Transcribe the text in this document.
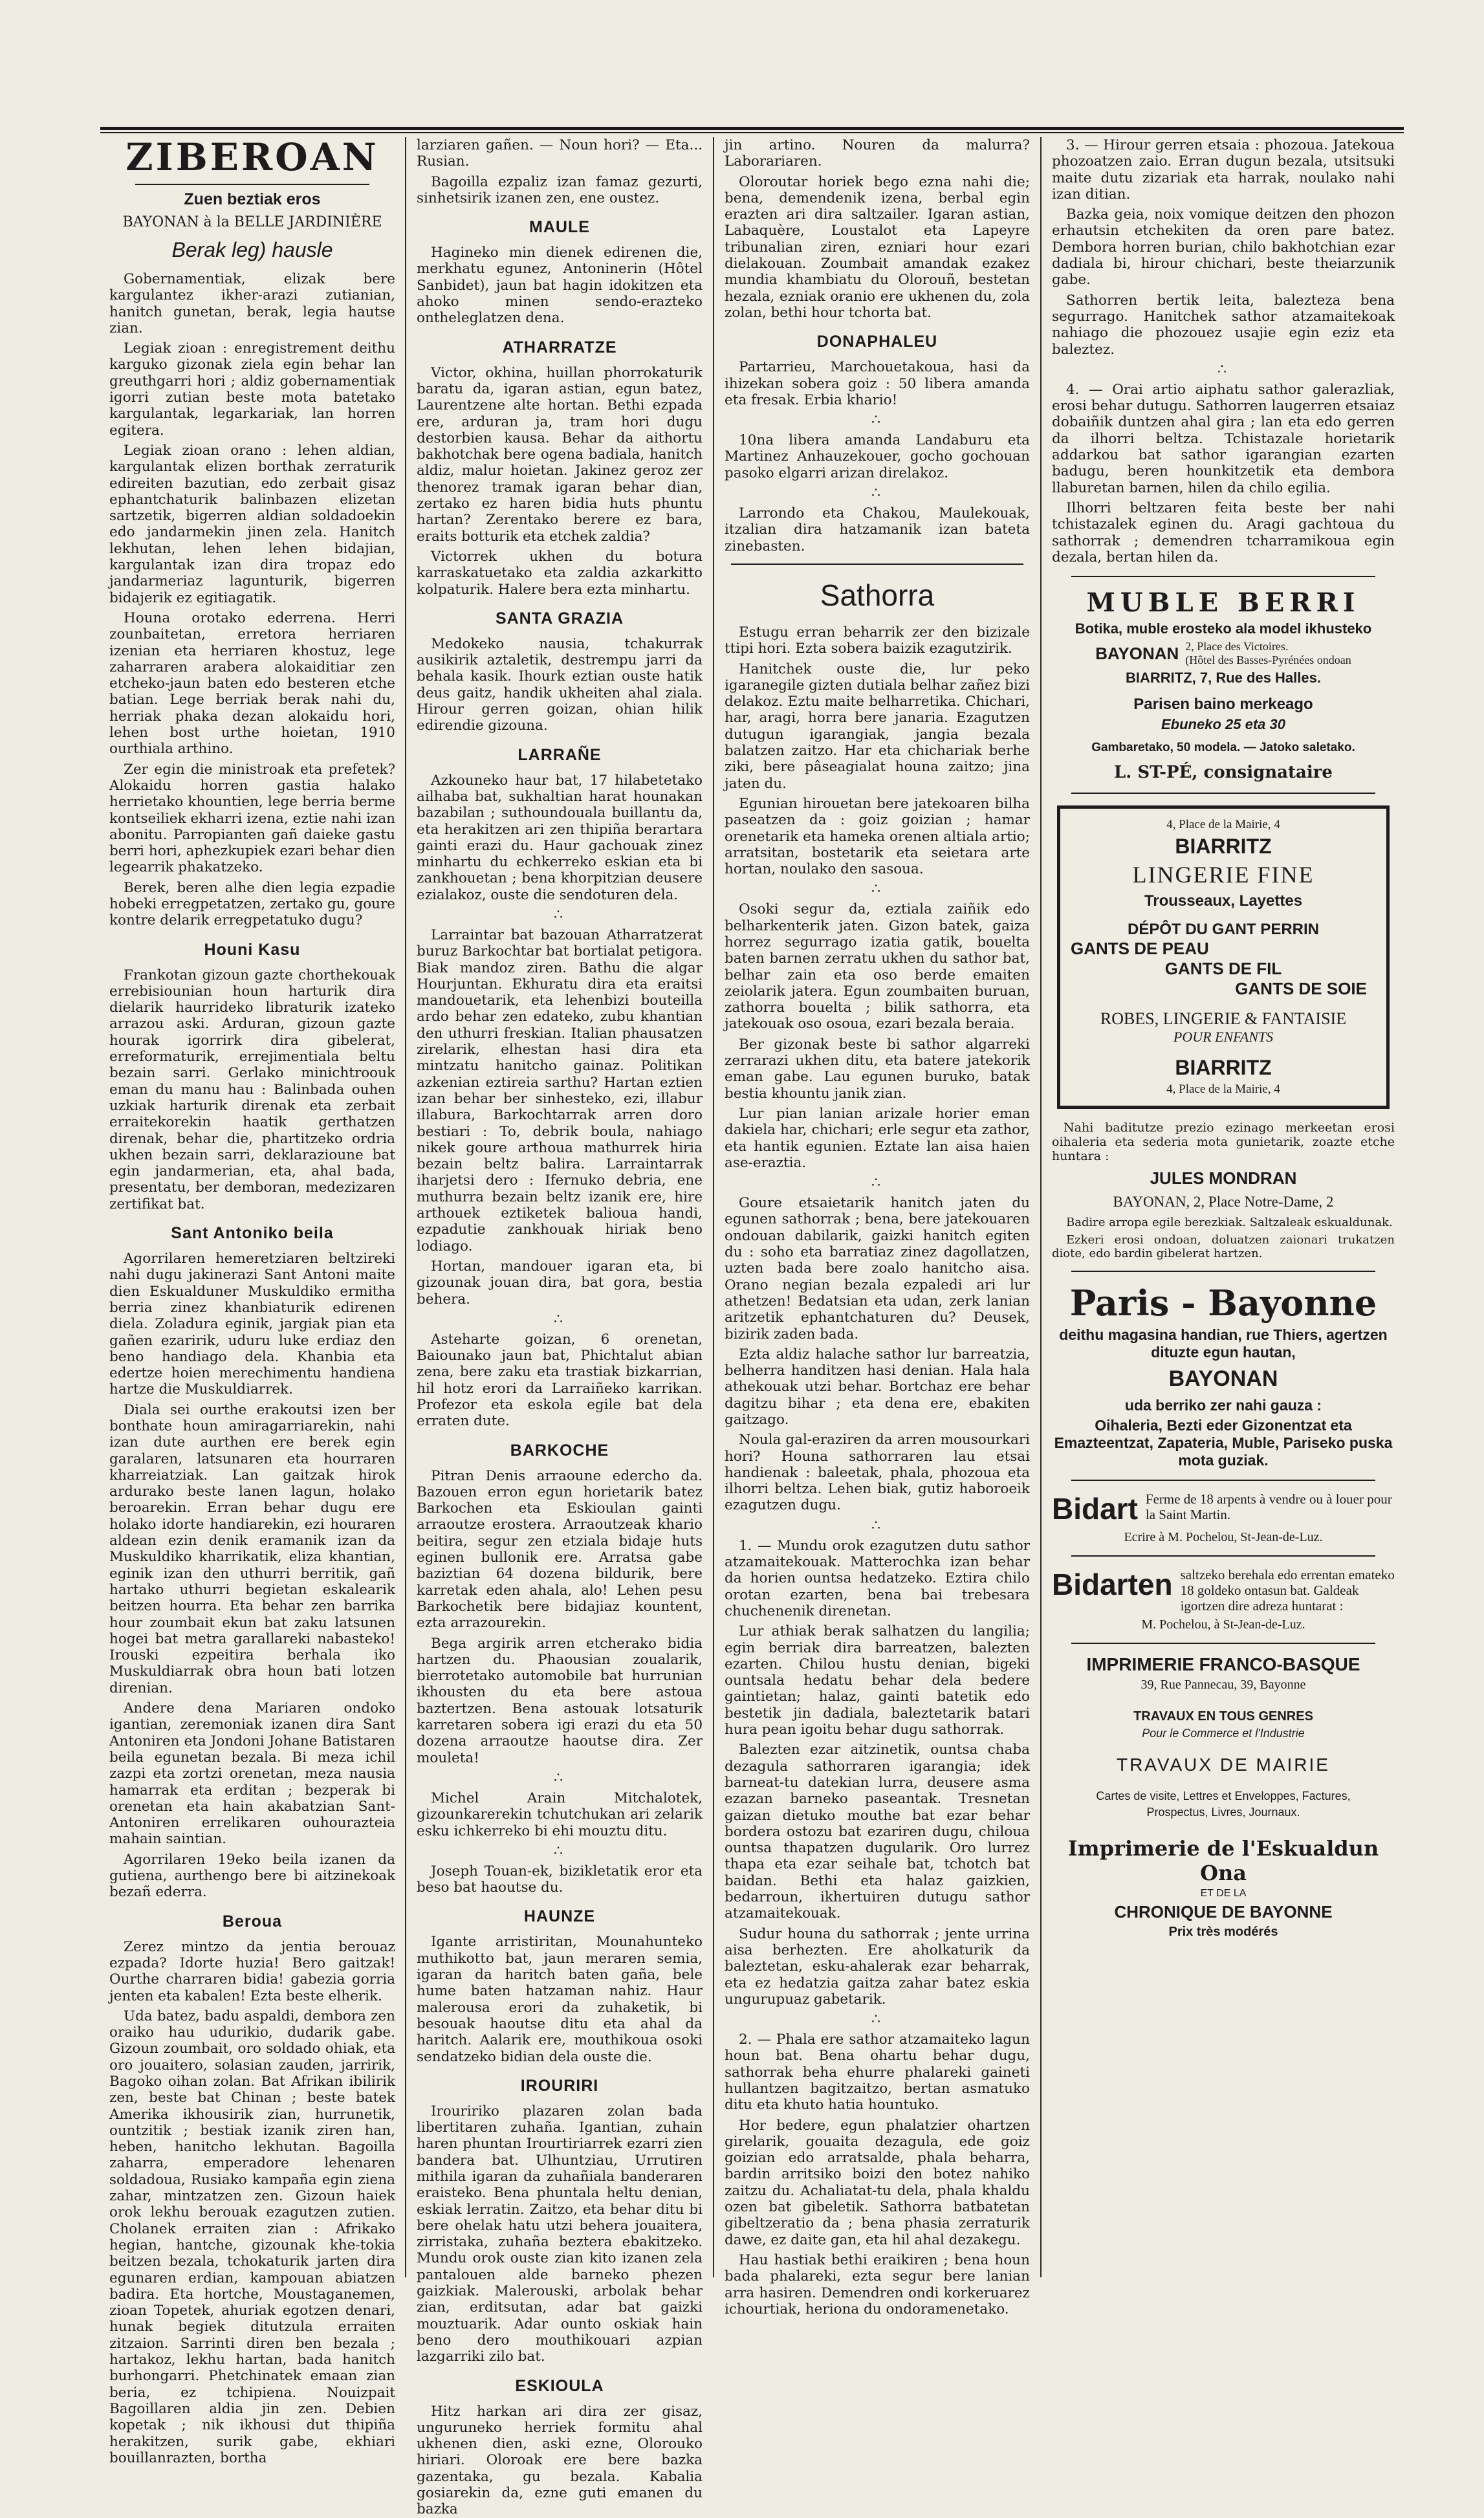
ZIBEROAN
Zuen beztiak eros
BAYONAN à la BELLE JARDINIÈRE
Berak leg) hausle

Gobernamentiak, elizak bere kargulantez ikher-arazi zutianian, hanitch gunetan, berak, legia hautse zian.

Legiak zioan : enregistrement deithu karguko gizonak ziela egin behar lan greuthgarri hori ; aldiz gobernamentiak igorri zutian beste mota batetako kargulantak, legarkariak, lan horren egitera.

Legiak zioan orano : lehen aldian, kargulantak elizen borthak zerraturik edireiten bazutian, edo zerbait gisaz ephantchaturik balinbazen elizetan sartzetik, bigerren aldian soldadoekin edo jandarmekin jinen zela. Hanitch lekhutan, lehen lehen bidajian, kargulantak izan dira tropaz edo jandarmeriaz lagunturik, bigerren bidajerik ez egitiagatik.

Houna orotako ederrena. Herri zounbaitetan, erretora herriaren izenian eta herriaren khostuz, lege zaharraren arabera alokaiditiar zen etcheko-jaun baten edo besteren etche batian. Lege berriak berak nahi du, herriak phaka dezan alokaidu hori, lehen bost urthe hoietan, 1910 ourthiala arthino.

Zer egin die ministroak eta prefetek? Alokaidu horren gastia halako herrietako khountien, lege berria berme kontseiliek ekharri izena, eztie nahi izan abonitu. Parropianten gañ daieke gastu berri hori, aphezkupiek ezari behar dien legearrik phakatzeko.

Berek, beren alhe dien legia ezpadie hobeki erregpetatzen, zertako gu, goure kontre delarik erregpetatuko dugu?

Houni Kasu

Frankotan gizoun gazte chorthekouak errebisiounian houn harturik dira dielarik haurrideko libraturik izateko arrazou aski. Arduran, gizoun gazte hourak igorrirk dira gibelerat, erreformaturik, errejimentiala beltu bezain sarri. Gerlako minichtroouk eman du manu hau : Balinbada ouhen uzkiak harturik direnak eta zerbait erraitekorekin haatik gerthatzen direnak, behar die, phartitzeko ordria ukhen bezain sarri, deklarazioune bat egin jandarmerian, eta, ahal bada, presentatu, ber demboran, medezizaren zertifikat bat.

Sant Antoniko beila

Agorrilaren hemeretziaren beltzireki nahi dugu jakinerazi Sant Antoni maite dien Eskualduner Muskuldiko ermitha berria zinez khanbiaturik edirenen diela. Zoladura eginik, jargiak pian eta gañen ezaririk, uduru luke erdiaz den beno handiago dela. Khanbia eta edertze hoien merechimentu handiena hartze die Muskuldiarrek.

Diala sei ourthe erakoutsi izen ber bonthate houn amiragarriarekin, nahi izan dute aurthen ere berek egin garalaren, latsunaren eta hourraren kharreiatziak. Lan gaitzak hirok ardurako beste lanen lagun, holako beroarekin. Erran behar dugu ere holako idorte handiarekin, ezi houraren aldean ezin denik eramanik izan da Muskuldiko kharrikatik, eliza khantian, eginik izan den uthurri berritik, gañ hartako uthurri begietan eskalearik beitzen hourra. Eta behar zen barrika hour zoumbait ekun bat zaku latsunen hogei bat metra garallareki nabasteko! Irouski ezpeitira berhala iko Muskuldiarrak obra houn bati lotzen direnian.

Andere dena Mariaren ondoko igantian, zeremoniak izanen dira Sant Antoniren eta Jondoni Johane Batistaren beila egunetan bezala. Bi meza ichil zazpi eta zortzi orenetan, meza nausia hamarrak eta erditan ; bezperak bi orenetan eta hain akabatzian Sant-Antoniren errelikaren ouhourazteia mahain saintian.

Agorrilaren 19eko beila izanen da gutiena, aurthengo bere bi aitzinekoak bezañ ederra.

Beroua

Zerez mintzo da jentia berouaz ezpada? Idorte huzia! Bero gaitzak! Ourthe charraren bidia! gabezia gorria jenten eta kabalen! Ezta beste elherik.

Uda batez, badu aspaldi, dembora zen oraiko hau udurikio, dudarik gabe. Gizoun zoumbait, oro soldado ohiak, eta oro jouaitero, solasian zauden, jarririk, Bagoko oihan zolan. Bat Afrikan ibilirik zen, beste bat Chinan ; beste batek Amerika ikhousirik zian, hurrunetik, ountzitik ; bestiak izanik ziren han, heben, hanitcho lekhutan. Bagoilla zaharra, emperadore lehenaren soldadoua, Rusiako kampaña egin ziena zahar, mintzatzen zen. Gizoun haiek orok lekhu berouak ezagutzen zutien. Cholanek erraiten zian : Afrikako hegian, hantche, gizounak khe-tokia beitzen bezala, tchokaturik jarten dira egunaren erdian, kampouan abiatzen badira. Eta hortche, Moustaganemen, zioan Topetek, ahuriak egotzen denari, hunak begiek ditutzula erraiten zitzaion. Sarrinti diren ben bezala ; hartakoz, lekhu hartan, bada hanitch burhongarri. Phetchinatek emaan zian beria, ez tchipiena. Nouizpait Bagoillaren aldia jin zen. Debien kopetak ; nik ikhousi dut thipiña herakitzen, surik gabe, ekhiari bouillanrazten, bortha

larziaren gañen. — Noun hori? — Eta... Rusian.

Bagoilla ezpaliz izan famaz gezurti, sinhetsirik izanen zen, ene oustez.

MAULE

Hagineko min dienek edirenen die, merkhatu egunez, Antoninerin (Hôtel Sanbidet), jaun bat hagin idokitzen eta ahoko minen sendo-erazteko ontheleglatzen dena.

ATHARRATZE

Victor, okhina, huillan phorrokaturik baratu da, igaran astian, egun batez, Laurentzene alte hortan. Bethi ezpada ere, arduran ja, tram hori dugu destorbien kausa. Behar da aithortu bakhotchak bere ogena badiala, hanitch aldiz, malur hoietan. Jakinez geroz zer thenorez tramak igaran behar dian, zertako ez haren bidia huts phuntu hartan? Zerentako berere ez bara, eraits botturik eta etchek zaldia?

Victorrek ukhen du botura karraskatuetako eta zaldia azkarkitto kolpaturik. Halere bera ezta minhartu.

SANTA GRAZIA

Medokeko nausia, tchakurrak ausikirik aztaletik, destrempu jarri da behala kasik. Ihourk eztian ouste hatik deus gaitz, handik ukheiten ahal ziala. Hirour gerren goizan, ohian hilik edirendie gizouna.

LARRAÑE

Azkouneko haur bat, 17 hilabetetako ailhaba bat, sukhaltian harat hounakan bazabilan ; suthoundouala buillantu da, eta herakitzen ari zen thipiña berartara gainti erazi du. Haur gachouak zinez minhartu du echkerreko eskian eta bi zankhouetan ; bena khorpitzian deusere ezialakoz, ouste die sendoturen dela.

∴

Larraintar bat bazouan Atharratzerat buruz Barkochtar bat bortialat petigora. Biak mandoz ziren. Bathu die algar Hourjuntan. Ekhuratu dira eta eraitsi mandouetarik, eta lehenbizi bouteilla ardo behar zen edateko, zubu khantian den uthurri freskian. Italian phausatzen zirelarik, elhestan hasi dira eta mintzatu hanitcho gainaz. Politikan azkenian eztireia sarthu? Hartan eztien izan behar ber sinhesteko, ezi, illabur illabura, Barkochtarrak arren doro bestiari : To, debrik boula, nahiago nikek goure arthoua mathurrek hiria bezain beltz balira. Larraintarrak iharjetsi dero : Ifernuko debria, ene muthurra bezain beltz izanik ere, hire arthouek eztiketek balioua handi, ezpadutie zankhouak hiriak beno lodiago.

Hortan, mandouer igaran eta, bi gizounak jouan dira, bat gora, bestia behera.

∴

Asteharte goizan, 6 orenetan, Baiounako jaun bat, Phichtalut abian zena, bere zaku eta trastiak bizkarrian, hil hotz erori da Larraiñeko karrikan. Profezor eta eskola egile bat dela erraten dute.

BARKOCHE

Pitran Denis arraoune edercho da. Bazouen erron egun horietarik batez Barkochen eta Eskioulan gainti arraoutze erostera. Arraoutzeak khario beitira, segur zen etziala bidaje huts eginen bullonik ere. Arratsa gabe baziztian 64 dozena bildurik, bere karretak eden ahala, alo! Lehen pesu Barkochetik bere bidajiaz kountent, ezta arrazourekin.

Bega argirik arren etcherako bidia hartzen du. Phaousian zoualarik, bierrotetako automobile bat hurrunian ikhousten du eta bere astoua baztertzen. Bena astouak lotsaturik karretaren sobera igi erazi du eta 50 dozena arraoutze haoutse dira. Zer mouleta!

∴

Michel Arain Mitchalotek, gizounkarerekin tchutchukan ari zelarik esku ichkerreko bi ehi mouztu ditu.

∴

Joseph Touan-ek, bizikletatik eror eta beso bat haoutse du.

HAUNZE

Igante arristiritan, Mounahunteko muthikotto bat, jaun meraren semia, igaran da haritch baten gaña, bele hume baten hatzaman nahiz. Haur malerousa erori da zuhaketik, bi besouak haoutse ditu eta ahal da haritch. Aalarik ere, mouthikoua osoki sendatzeko bidian dela ouste die.

IROURIRI

Irouririko plazaren zolan bada libertitaren zuhaña. Igantian, zuhain haren phuntan Irourtiriarrek ezarri zien bandera bat. Ulhuntziau, Urrutiren mithila igaran da zuhañiala banderaren eraisteko. Bena phuntala heltu denian, eskiak lerratin. Zaitzo, eta behar ditu bi bere ohelak hatu utzi behera jouaitera, zirristaka, zuhaña beztera ebakitzeko. Mundu orok ouste zian kito izanen zela pantalouen alde barneko phezen gaizkiak. Malerouski, arbolak behar zian, erditsutan, adar bat gaizki mouztuarik. Adar ounto oskiak hain beno dero mouthikouari azpian lazgarriki zilo bat.

ESKIOULA

Hitz harkan ari dira zer gisaz, unguruneko herriek formitu ahal ukhenen dien, aski ezne, Olorouko hiriari. Oloroak ere bere bazka gazentaka, gu bezala. Kabalia gosiarekin da, ezne guti emanen du bazka

jin artino. Nouren da malurra? Laborariaren.

Oloroutar horiek bego ezna nahi die; bena, demendenik izena, berbal egin erazten ari dira saltzailer. Igaran astian, Labaquère, Loustalot eta Lapeyre tribunalian ziren, ezniari hour ezari dielakouan. Zoumbait amandak ezakez mundia khambiatu du Olorouñ, bestetan hezala, ezniak oranio ere ukhenen du, zola zolan, bethi hour tchorta bat.

DONAPHALEU

Partarrieu, Marchouetakoua, hasi da ihizekan sobera goiz : 50 libera amanda eta fresak. Erbia khario!

∴

10na libera amanda Landaburu eta Martinez Anhauzekouer, gocho gochouan pasoko elgarri arizan direlakoz.

∴

Larrondo eta Chakou, Maulekouak, itzalian dira hatzamanik izan bateta zinebasten.

Sathorra

Estugu erran beharrik zer den bizizale ttipi hori. Ezta sobera baizik ezagutzirik.

Hanitchek ouste die, lur peko igaranegile gizten dutiala belhar zañez bizi delakoz. Eztu maite belharretika. Chichari, har, aragi, horra bere janaria. Ezagutzen dutugun igarangiak, jangia bezala balatzen zaitzo. Har eta chichariak berhe ziki, bere pâseagialat houna zaitzo; jina jaten du.

Egunian hirouetan bere jatekoaren bilha paseatzen da : goiz goizian ; hamar orenetarik eta hameka orenen altiala artio; arratsitan, bostetarik eta seietara arte hortan, noulako den sasoua.

∴

Osoki segur da, eztiala zaiñik edo belharkenterik jaten. Gizon batek, gaiza horrez segurrago izatia gatik, bouelta baten barnen zerratu ukhen du sathor bat, belhar zain eta oso berde emaiten zeiolarik jatera. Egun zoumbaiten buruan, zathorra bouelta ; bilik sathorra, eta jatekouak oso osoua, ezari bezala beraia.

Ber gizonak beste bi sathor algarreki zerrarazi ukhen ditu, eta batere jatekorik eman gabe. Lau egunen buruko, batak bestia khountu janik zian.

Lur pian lanian arizale horier eman dakiela har, chichari; erle segur eta zathor, eta hantik egunien. Eztate lan aisa haien ase-eraztia.

∴

Goure etsaietarik hanitch jaten du egunen sathorrak ; bena, bere jatekouaren ondouan dabilarik, gaizki hanitch egiten du : soho eta barratiaz zinez dagollatzen, uzten bada bere zoalo hanitcho aisa. Orano negian bezala ezpaledi ari lur athetzen! Bedatsian eta udan, zerk lanian aritzetik ephantchaturen du? Deusek, bizirik zaden bada.

Ezta aldiz halache sathor lur barreatzia, belherra handitzen hasi denian. Hala hala athekouak utzi behar. Bortchaz ere behar dagitzu bihar ; eta dena ere, ebakiten gaitzago.

Noula gal-eraziren da arren mousourkari hori? Houna sathorraren lau etsai handienak : baleetak, phala, phozoua eta ilhorri beltza. Lehen biak, gutiz haboroeik ezagutzen dugu.

∴

1. — Mundu orok ezagutzen dutu sathor atzamaitekouak. Matterochka izan behar da horien ountsa hedatzeko. Eztira chilo orotan ezarten, bena bai trebesara chuchenenik direnetan.

Lur athiak berak salhatzen du langilia; egin berriak dira barreatzen, balezten ezarten. Chilou hustu denian, bigeki ountsala hedatu behar dela bedere gaintietan; halaz, gainti batetik edo bestetik jin dadiala, baleztetarik batari hura pean igoitu behar dugu sathorrak.

Balezten ezar aitzinetik, ountsa chaba dezagula sathorraren igarangia; idek barneat-tu datekian lurra, deusere asma ezazan barneko paseantak. Tresnetan gaizan dietuko mouthe bat ezar behar bordera ostozu bat ezariren dugu, chiloua ountsa thapatzen dugularik. Oro lurrez thapa eta ezar seihale bat, tchotch bat baidan. Bethi eta halaz gaizkien, bedarroun, ikhertuiren dutugu sathor atzamaitekouak.

Sudur houna du sathorrak ; jente urrina aisa berhezten. Ere aholkaturik da baleztetan, esku-ahalerak ezar beharrak, eta ez hedatzia gaitza zahar batez eskia ungurupuaz gabetarik.

∴

2. — Phala ere sathor atzamaiteko lagun houn bat. Bena ohartu behar dugu, sathorrak beha ehurre phalareki gaineti hullantzen bagitzaitzo, bertan asmatuko ditu eta khuto hatia hountuko.

Hor bedere, egun phalatzier ohartzen girelarik, gouaita dezagula, ede goiz goizian edo arratsalde, phala beharra, bardin arritsiko boizi den botez nahiko zaitzu du. Achaliatat-tu dela, phala khaldu ozen bat gibeletik. Sathorra batbatetan gibeltzeratio da ; bena phasia zerraturik dawe, ez daite gan, eta hil ahal dezakegu.

Hau hastiak bethi eraikiren ; bena houn bada phalareki, ezta segur bere lanian arra hasiren. Demendren ondi korkeruarez ichourtiak, heriona du ondoramenetako.

3. — Hirour gerren etsaia : phozoua. Jatekoua phozoatzen zaio. Erran dugun bezala, utsitsuki maite dutu zizariak eta harrak, noulako nahi izan ditian.

Bazka geia, noix vomique deitzen den phozon erhautsin etchekiten da oren pare batez. Dembora horren burian, chilo bakhotchian ezar dadiala bi, hirour chichari, beste theiarzunik gabe.

Sathorren bertik leita, balezteza bena segurrago. Hanitchek sathor atzamaitekoak nahiago die phozouez usajie egin eziz eta baleztez.

∴

4. — Orai artio aiphatu sathor galerazliak, erosi behar dutugu. Sathorren laugerren etsaiaz dobaiñik duntzen ahal gira ; lan eta edo gerren da ilhorri beltza. Tchistazale horietarik addarkou bat sathor igarangian ezarten badugu, beren hounkitzetik eta dembora llaburetan barnen, hilen da chilo egilia.

Ilhorri beltzaren feita beste ber nahi tchistazalek eginen du. Aragi gachtoua du sathorrak ; demendren tcharramikoua egin dezala, bertan hilen da.

MUBLE BERRI
Botika, muble erosteko ala model ikhusteko
BAYONAN 2, Place des Victoires.
(Hôtel des Basses-Pyrénées ondoan
BIARRITZ, 7, Rue des Halles.
Parisen baino merkeago
Ebuneko 25 eta 30
Gambaretako, 50 modela. — Jatoko saletako.
L. ST-PÉ, consignataire
4, Place de la Mairie, 4
BIARRITZ
LINGERIE FINE
Trousseaux, Layettes
DÉPÔT DU GANT PERRIN
GANTS DE PEAU
GANTS DE FIL
GANTS DE SOIE
ROBES, LINGERIE & FANTAISIE
POUR ENFANTS
BIARRITZ
4, Place de la Mairie, 4

Nahi baditutze prezio ezinago merkeetan erosi oihaleria eta sederia mota gunietarik, zoazte etche huntara :

JULES MONDRAN
BAYONAN, 2, Place Notre-Dame, 2

Badire arropa egile berezkiak. Saltzaleak eskualdunak.

Ezkeri erosi ondoan, doluatzen zaionari trukatzen diote, edo bardin gibelerat hartzen.

Paris - Bayonne
deithu magasina handian, rue Thiers, agertzen dituzte egun hautan,
BAYONAN
uda berriko zer nahi gauza :
Oihaleria, Bezti eder Gizonentzat eta Emazteentzat, Zapateria, Muble, Pariseko puska mota guziak.
Bidart Ferme de 18 arpents à vendre ou à louer pour la Saint Martin.
Ecrire à M. Pochelou, St-Jean-de-Luz.
Bidarten saltzeko berehala edo errentan emateko 18 goldeko ontasun bat. Galdeak igortzen dire adreza huntarat :
M. Pochelou, à St-Jean-de-Luz.
IMPRIMERIE FRANCO-BASQUE
39, Rue Pannecau, 39, Bayonne
TRAVAUX EN TOUS GENRES
Pour le Commerce et l'Industrie
TRAVAUX DE MAIRIE
Cartes de visite, Lettres et Enveloppes, Factures,
Prospectus, Livres, Journaux.
Imprimerie de l'Eskualdun Ona
ET DE LA
CHRONIQUE DE BAYONNE
Prix très modérés
